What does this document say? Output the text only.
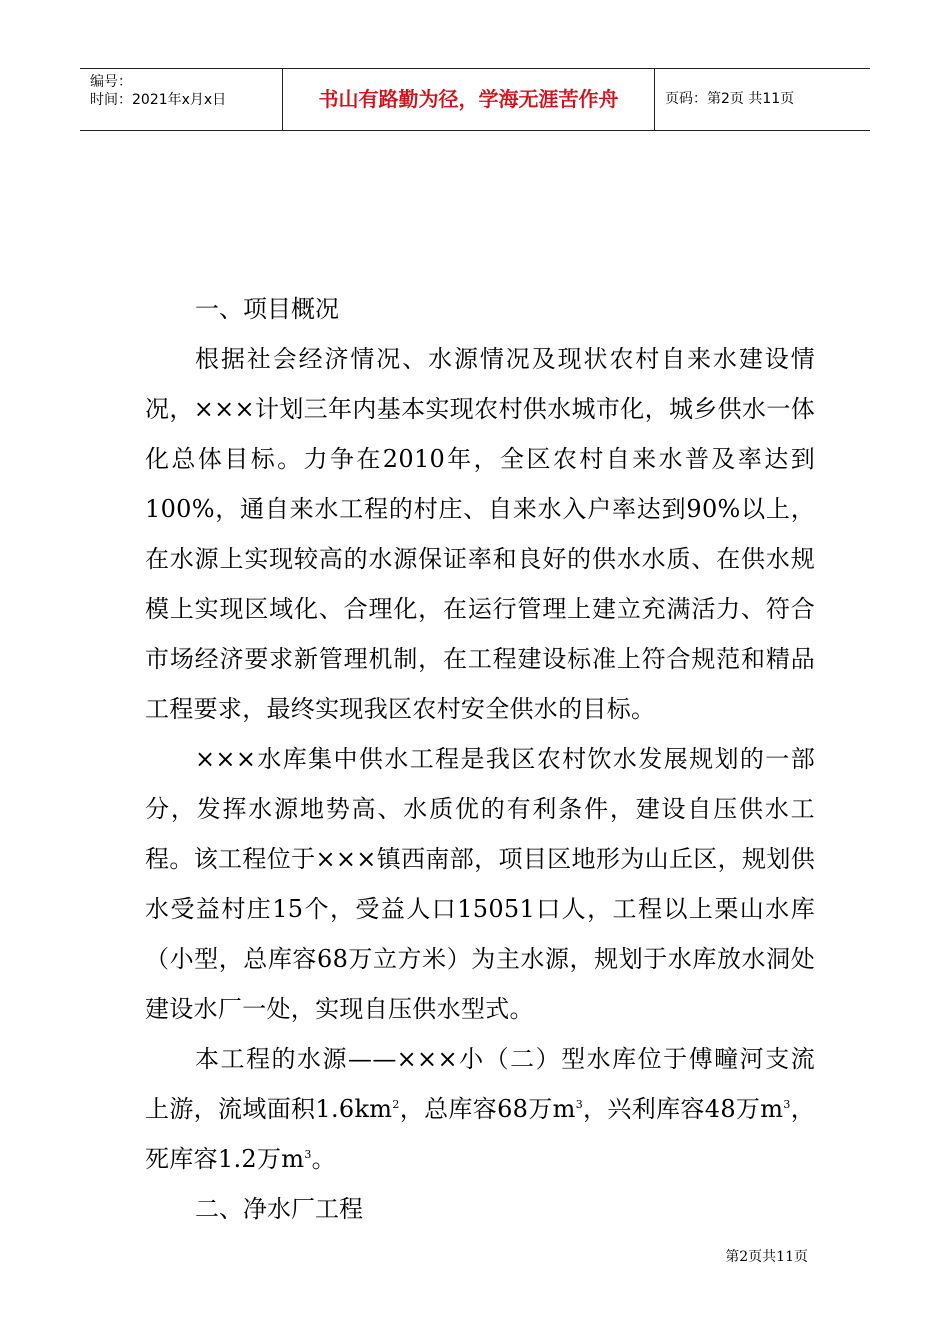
编号：
时间：2021年x月x日	书山有路勤为径，学海无涯苦作舟	页码：第2页 共11页
一、项目概况
根据社会经济情况、水源情况及现状农村自来水建设情况，×××计划三年内基本实现农村供水城市化，城乡供水一体化总体目标。力争在2010年，全区农村自来水普及率达到100%，通自来水工程的村庄、自来水入户率达到90%以上，在水源上实现较高的水源保证率和良好的供水水质、在供水规模上实现区域化、合理化，在运行管理上建立充满活力、符合市场经济要求新管理机制，在工程建设标准上符合规范和精品工程要求，最终实现我区农村安全供水的目标。
×××水库集中供水工程是我区农村饮水发展规划的一部分，发挥水源地势高、水质优的有利条件，建设自压供水工程。该工程位于×××镇西南部，项目区地形为山丘区，规划供水受益村庄15个，受益人口15051口人，工程以上栗山水库（小型，总库容68万立方米）为主水源，规划于水库放水洞处建设水厂一处，实现自压供水型式。
本工程的水源——×××小（二）型水库位于傅疃河支流上游，流域面积$1.6km^2$，总库容68万$m^3$，兴利库容48万$m^3$，死库容1.2万$m^3$。
二、净水厂工程
第2页共11页
